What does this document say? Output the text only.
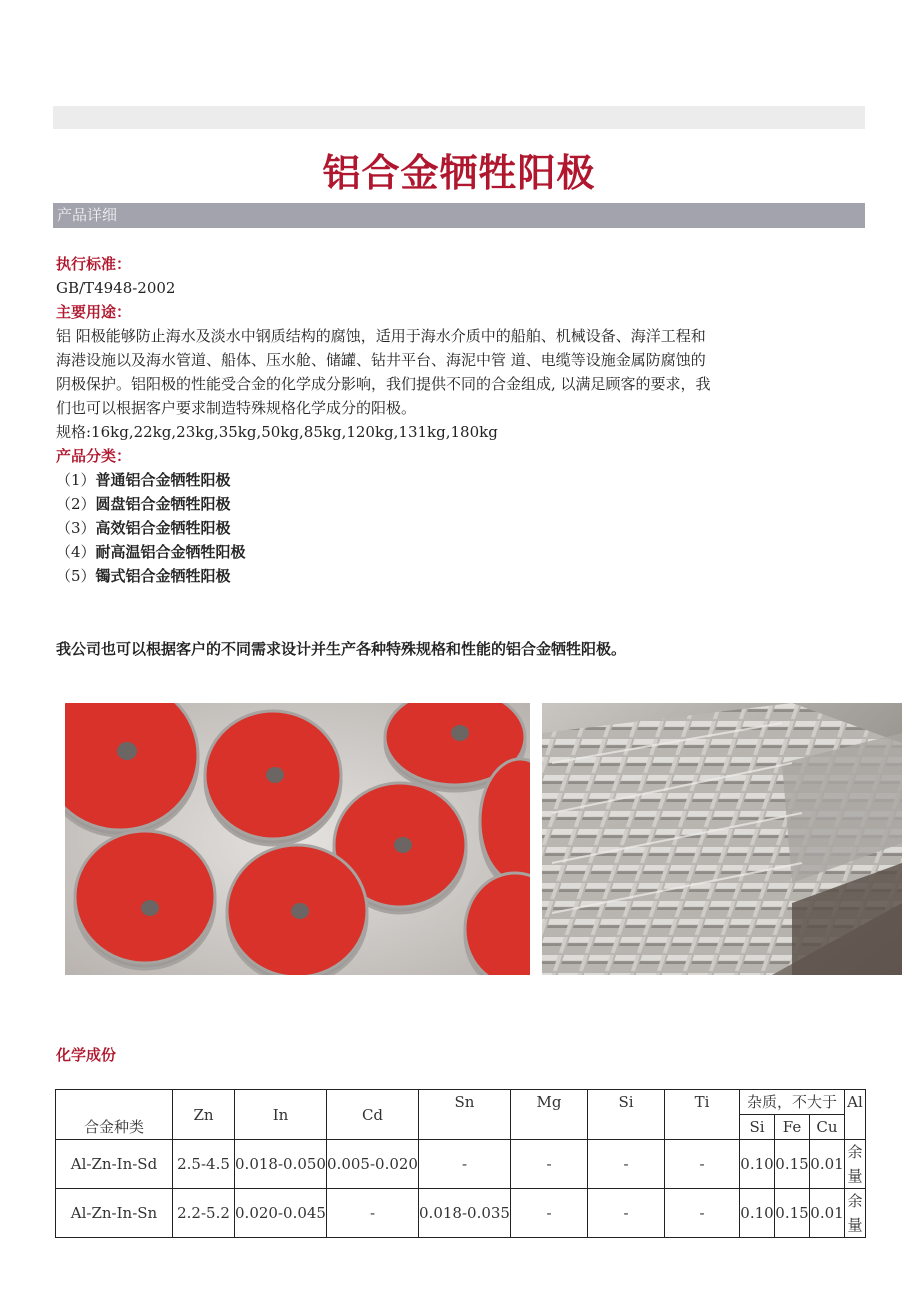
铝合金牺牲阳极
产品详细
执行标准：
GB/T4948-2002
主要用途：
铝 阳极能够防止海水及淡水中钢质结构的腐蚀，适用于海水介质中的船舶、机械设备、海洋工程和
海港设施以及海水管道、船体、压水舱、储罐、钻井平台、海泥中管 道、电缆等设施金属防腐蚀的
阴极保护。铝阳极的性能受合金的化学成分影响，我们提供不同的合金组成, 以满足顾客的要求，我
们也可以根据客户要求制造特殊规格化学成分的阳极。
规格:16kg,22kg,23kg,35kg,50kg,85kg,120kg,131kg,180kg
产品分类：
（1）普通铝合金牺牲阳极
（2）圆盘铝合金牺牲阳极
（3）高效铝合金牺牲阳极
（4）耐高温铝合金牺牲阳极
（5）镯式铝合金牺牲阳极
我公司也可以根据客户的不同需求设计并生产各种特殊规格和性能的铝合金牺牲阳极。
化学成份
合金种类	Zn	In	Cd	Sn	Mg	Si	Ti	杂质，不大于			Al
								Si	Fe	Cu	
Al-Zn-In-Sd	2.5-4.5	0.018-0.050	0.005-0.020	-	-	-	-	0.10	0.15	0.01	余量
Al-Zn-In-Sn	2.2-5.2	0.020-0.045	-	0.018-0.035	-	-	-	0.10	0.15	0.01	余量
